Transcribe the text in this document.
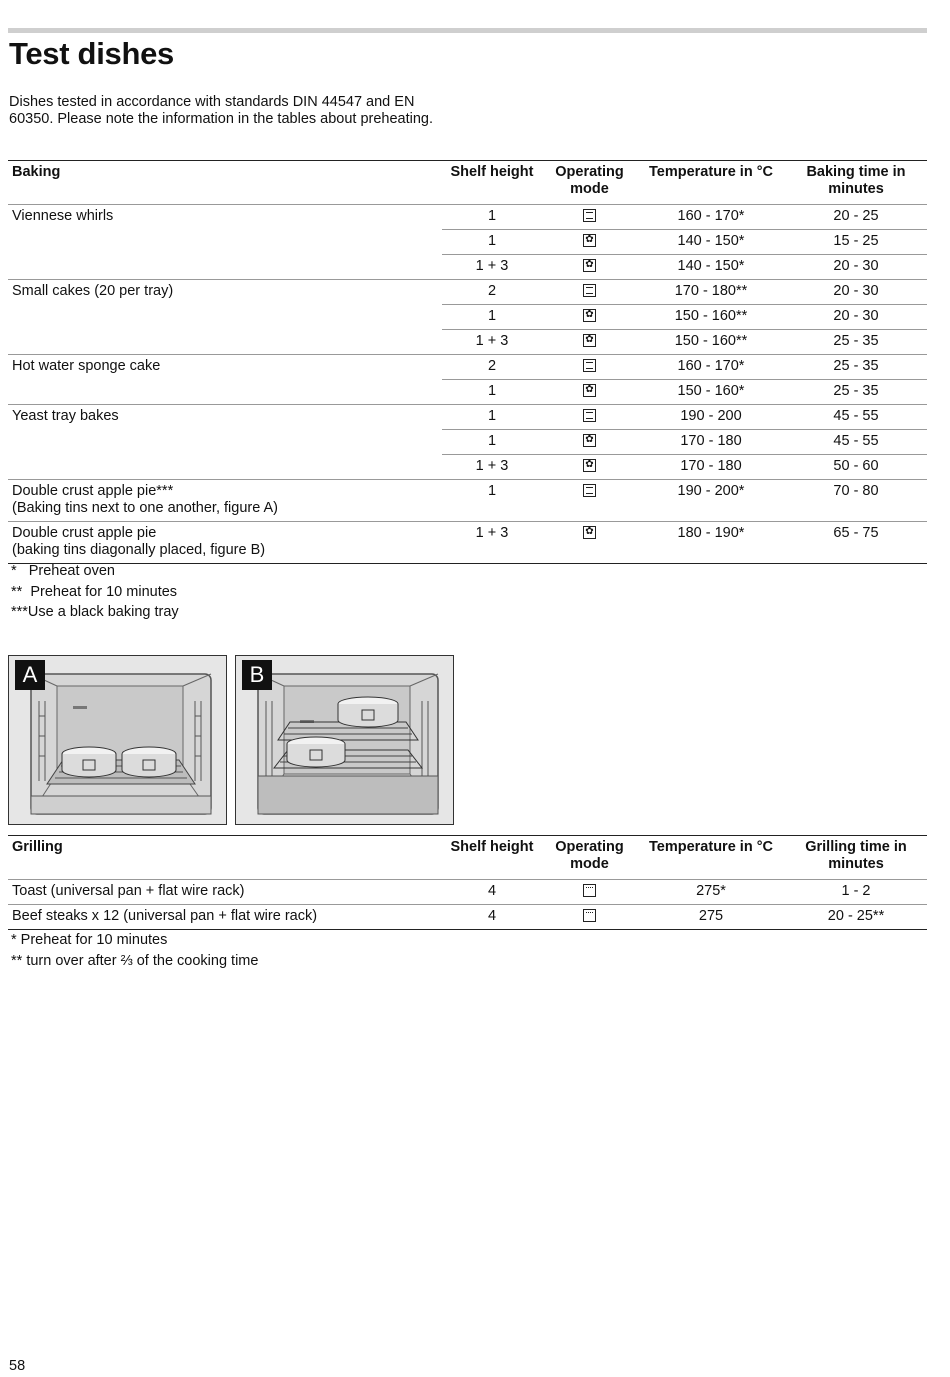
Test dishes
Dishes tested in accordance with standards DIN 44547 and EN 60350. Please note the information in the tables about preheating.
Baking	Shelf height	Operating mode	Temperature in °C	Baking time in minutes

Viennese whirls	1		160 - 170*	20 - 25
	1	✿	140 - 150*	15 - 25
	1 + 3	✿	140 - 150*	20 - 30

Small cakes (20 per tray)	2		170 - 180**	20 - 30
	1	✿	150 - 160**	20 - 30
	1 + 3	✿	150 - 160**	25 - 35

Hot water sponge cake	2		160 - 170*	25 - 35
	1	✿	150 - 160*	25 - 35

Yeast tray bakes	1		190 - 200	45 - 55
	1	✿	170 - 180	45 - 55
	1 + 3	✿	170 - 180	50 - 60

Double crust apple pie***
(Baking tins next to one another, figure A)	1		190 - 200*	70 - 80

Double crust apple pie
(baking tins diagonally placed, figure B)	1 + 3	✿	180 - 190*	65 - 75
*   Preheat oven
**  Preheat for 10 minutes
***Use a black baking tray
A	B
Grilling	Shelf height	Operating mode	Temperature in °C	Grilling time in minutes
Toast (universal pan + flat wire rack)	4		275*	1 - 2
Beef steaks x 12 (universal pan + flat wire rack)	4		275	20 - 25**
* Preheat for 10 minutes
** turn over after ⅔ of the cooking time
58
